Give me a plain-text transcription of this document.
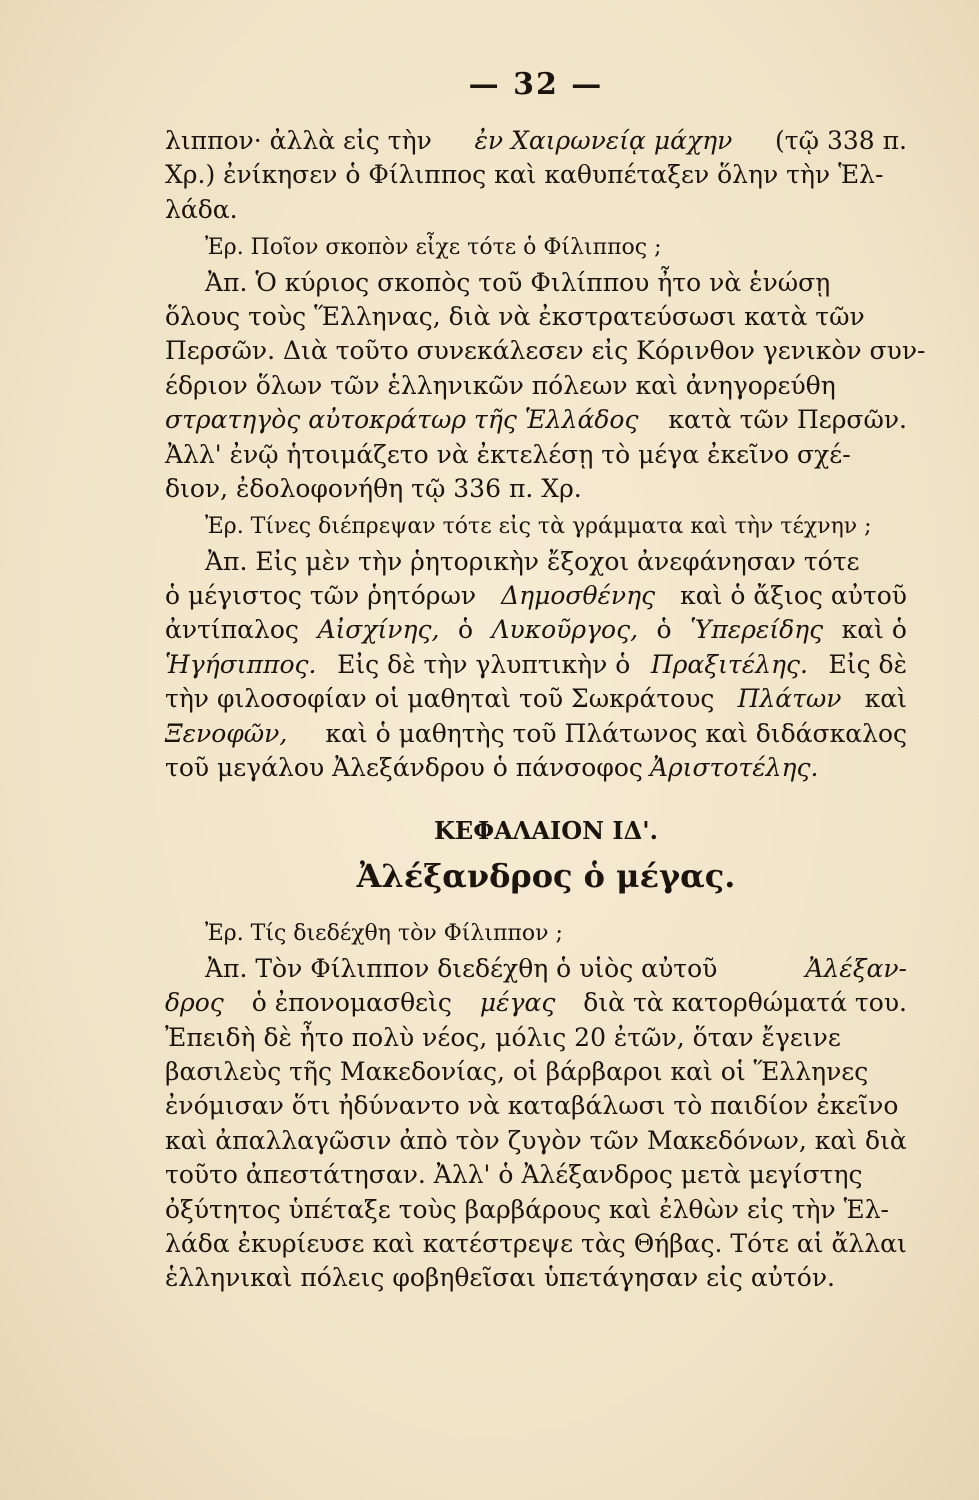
— 32 —
λιππον· ἀλλὰ εἰς τὴν ἐν Χαιρωνείᾳ μάχην (τῷ 338 π.
Χρ.) ἐνίκησεν ὁ Φίλιππος καὶ καθυπέταξεν ὅλην τὴν Ἑλ-
λάδα.
Ἐρ. Ποῖον σκοπὸν εἶχε τότε ὁ Φίλιππος ;
Ἀπ. Ὁ κύριος σκοπὸς τοῦ Φιλίππου ἦτο νὰ ἑνώσῃ
ὅλους τοὺς Ἕλληνας, διὰ νὰ ἐκστρατεύσωσι κατὰ τῶν
Περσῶν. Διὰ τοῦτο συνεκάλεσεν εἰς Κόρινθον γενικὸν συν-
έδριον ὅλων τῶν ἑλληνικῶν πόλεων καὶ ἀνηγορεύθη
στρατηγὸς αὐτοκράτωρ τῆς Ἑλλάδος κατὰ τῶν Περσῶν.
Ἀλλ' ἐνῷ ἡτοιμάζετο νὰ ἐκτελέσῃ τὸ μέγα ἐκεῖνο σχέ-
διον, ἐδολοφονήθη τῷ 336 π. Χρ.
Ἐρ. Τίνες διέπρεψαν τότε εἰς τὰ γράμματα καὶ τὴν τέχνην ;
Ἀπ. Εἰς μὲν τὴν ῥητορικὴν ἔξοχοι ἀνεφάνησαν τότε
ὁ μέγιστος τῶν ῥητόρων Δημοσθένης καὶ ὁ ἄξιος αὐτοῦ
ἀντίπαλος Αἰσχίνης, ὁ Λυκοῦργος, ὁ Ὑπερείδης καὶ ὁ
Ἡγήσιππος. Εἰς δὲ τὴν γλυπτικὴν ὁ Πραξιτέλης. Εἰς δὲ
τὴν φιλοσοφίαν οἱ μαθηταὶ τοῦ Σωκράτους Πλάτων καὶ
Ξενοφῶν, καὶ ὁ μαθητὴς τοῦ Πλάτωνος καὶ διδάσκαλος
τοῦ μεγάλου Ἀλεξάνδρου ὁ πάνσοφος Ἀριστοτέλης.
ΚΕΦΑΛΑΙΟΝ ΙΔ'.
Ἀλέξανδρος ὁ μέγας.
Ἐρ. Τίς διεδέχθη τὸν Φίλιππον ;
Ἀπ. Τὸν Φίλιππον διεδέχθη ὁ υἱὸς αὐτοῦ	Ἀλέξαν-
δρος ὁ ἐπονομασθεὶς μέγας διὰ τὰ κατορθώματά του.
Ἐπειδὴ δὲ ἦτο πολὺ νέος, μόλις 20 ἐτῶν, ὅταν ἔγεινε
βασιλεὺς τῆς Μακεδονίας, οἱ βάρβαροι καὶ οἱ Ἕλληνες
ἐνόμισαν ὅτι ἠδύναντο νὰ καταβάλωσι τὸ παιδίον ἐκεῖνο
καὶ ἀπαλλαγῶσιν ἀπὸ τὸν ζυγὸν τῶν Μακεδόνων, καὶ διὰ
τοῦτο ἀπεστάτησαν. Ἀλλ' ὁ Ἀλέξανδρος μετὰ μεγίστης
ὀξύτητος ὑπέταξε τοὺς βαρβάρους καὶ ἐλθὼν εἰς τὴν Ἑλ-
λάδα ἐκυρίευσε καὶ κατέστρεψε τὰς Θήβας. Τότε αἱ ἄλλαι
ἑλληνικαὶ πόλεις φοβηθεῖσαι ὑπετάγησαν εἰς αὐτόν.
